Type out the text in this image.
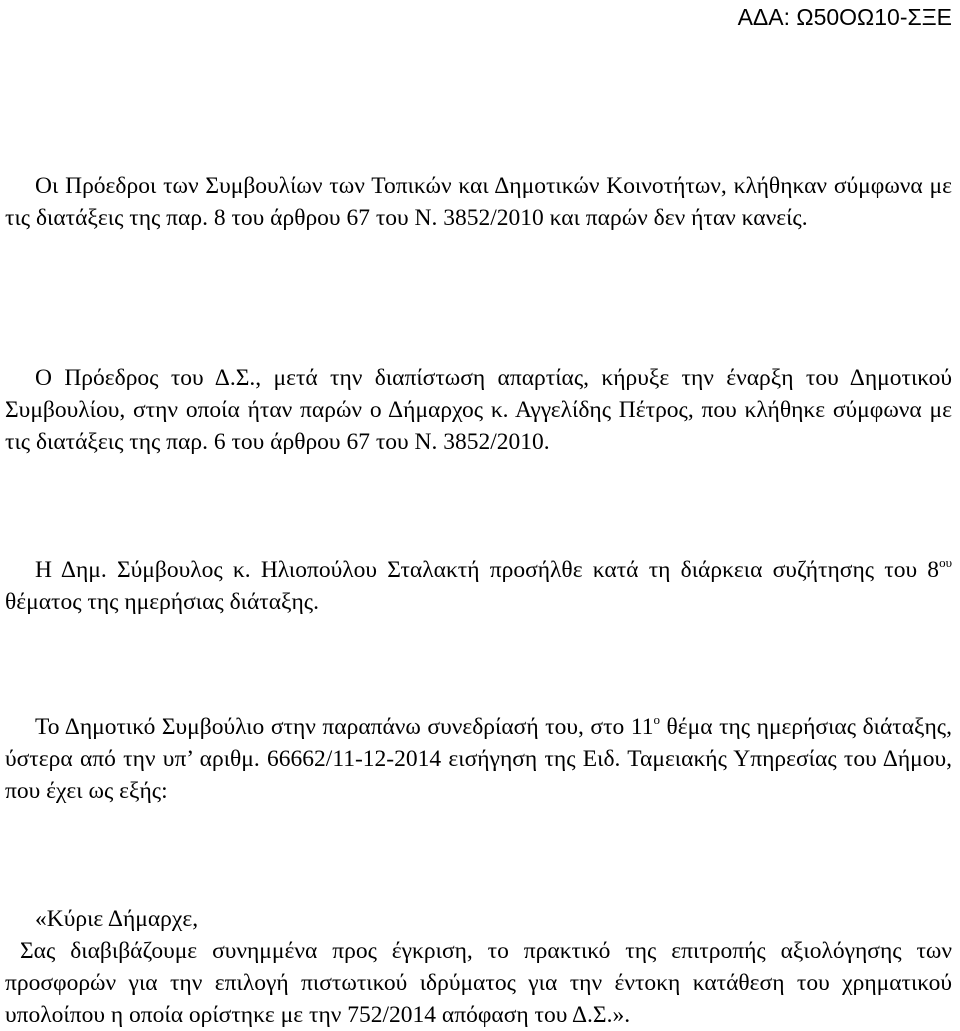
ΑΔΑ: Ω50ΟΩ10-ΣΞΕ

Οι Πρόεδροι των Συμβουλίων των Τοπικών και Δημοτικών Κοινοτήτων, κλήθηκαν σύμφωνα με τις διατάξεις της παρ. 8 του άρθρου 67 του Ν. 3852/2010 και παρών δεν ήταν κανείς.

Ο Πρόεδρος του Δ.Σ., μετά την διαπίστωση απαρτίας, κήρυξε την έναρξη του Δημοτικού Συμβουλίου, στην οποία ήταν παρών ο Δήμαρχος κ. Αγγελίδης Πέτρος, που κλήθηκε σύμφωνα με τις διατάξεις της παρ. 6 του άρθρου 67 του Ν. 3852/2010.

Η Δημ. Σύμβουλος κ. Ηλιοπούλου Σταλακτή προσήλθε κατά τη διάρκεια συζήτησης του $8^{o\upsilon}$ θέματος της ημερήσιας διάταξης.

Το Δημοτικό Συμβούλιο στην παραπάνω συνεδρίασή του, στο $11^o$ θέμα της ημερήσιας διάταξης, ύστερα από την υπ’ αριθμ. 66662/11-12-2014 εισήγηση της Ειδ. Ταμειακής Υπηρεσίας του Δήμου, που έχει ως εξής:

«Κύριε Δήμαρχε,
Σας διαβιβάζουμε συνημμένα προς έγκριση, το πρακτικό της επιτροπής αξιολόγησης των προσφορών για την επιλογή πιστωτικού ιδρύματος για την έντοκη κατάθεση του χρηματικού υπολοίπου η οποία ορίστηκε με την 752/2014 απόφαση του Δ.Σ.».
